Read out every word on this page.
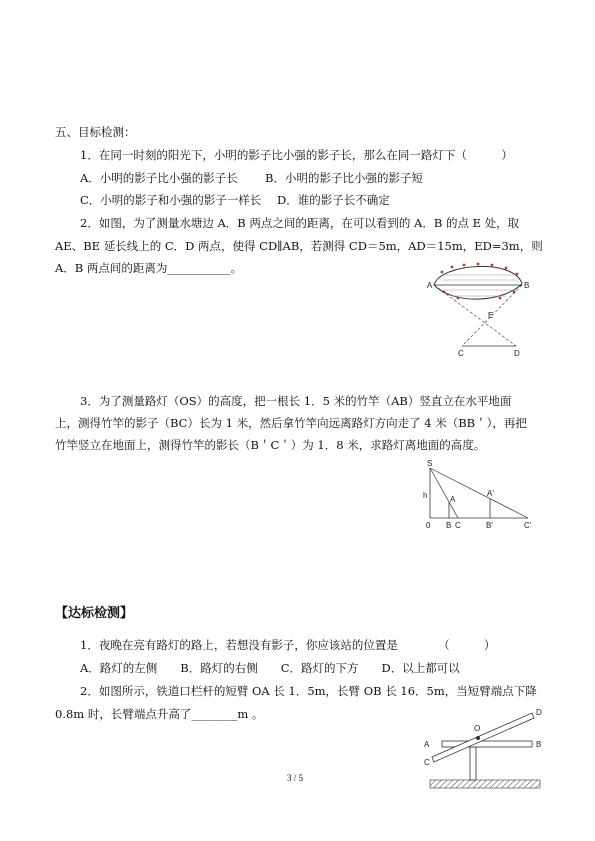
五、目标检测：
1．在同一时刻的阳光下，小明的影子比小强的影子长，那么在同一路灯下（　　　）
A．小明的影子比小强的影子长 B．小明的影子比小强的影子短
C．小明的影子和小强的影子一样长 D．谁的影子长不确定
2．如图，为了测量水塘边 A．B 两点之间的距离，在可以看到的 A．B 的点 E 处，取
AE、BE 延长线上的 C．D 两点，使得 CD∥AB，若测得 CD＝5m，AD＝15m，ED=3m，则
A．B 两点间的距离为___________。
A	B
E
C	D
3．为了测量路灯（OS）的高度，把一根长 1．5 米的竹竿（AB）竖直立在水平地面
上，测得竹竿的影子（BC）长为 1 米，然后拿竹竿向远离路灯方向走了 4 米（BB＇），再把
竹竿竖立在地面上，测得竹竿的影长（B＇C＇）为 1．8 米，求路灯离地面的高度。
S
h	A
A'
0 B C	B'	C'
【达标检测】
1．夜晚在亮有路灯的路上，若想没有影子，你应该站的位置是　　　　（　　　）
A．路灯的左侧　　B．路灯的右侧　　C．路灯的下方　　D．以上都可以
2．如图所示，铁道口栏杆的短臂 OA 长 1．5m，长臂 OB 长 16．5m，当短臂端点下降
0.8m 时，长臂端点升高了________m 。
A
O
B
C
D
3 / 5
